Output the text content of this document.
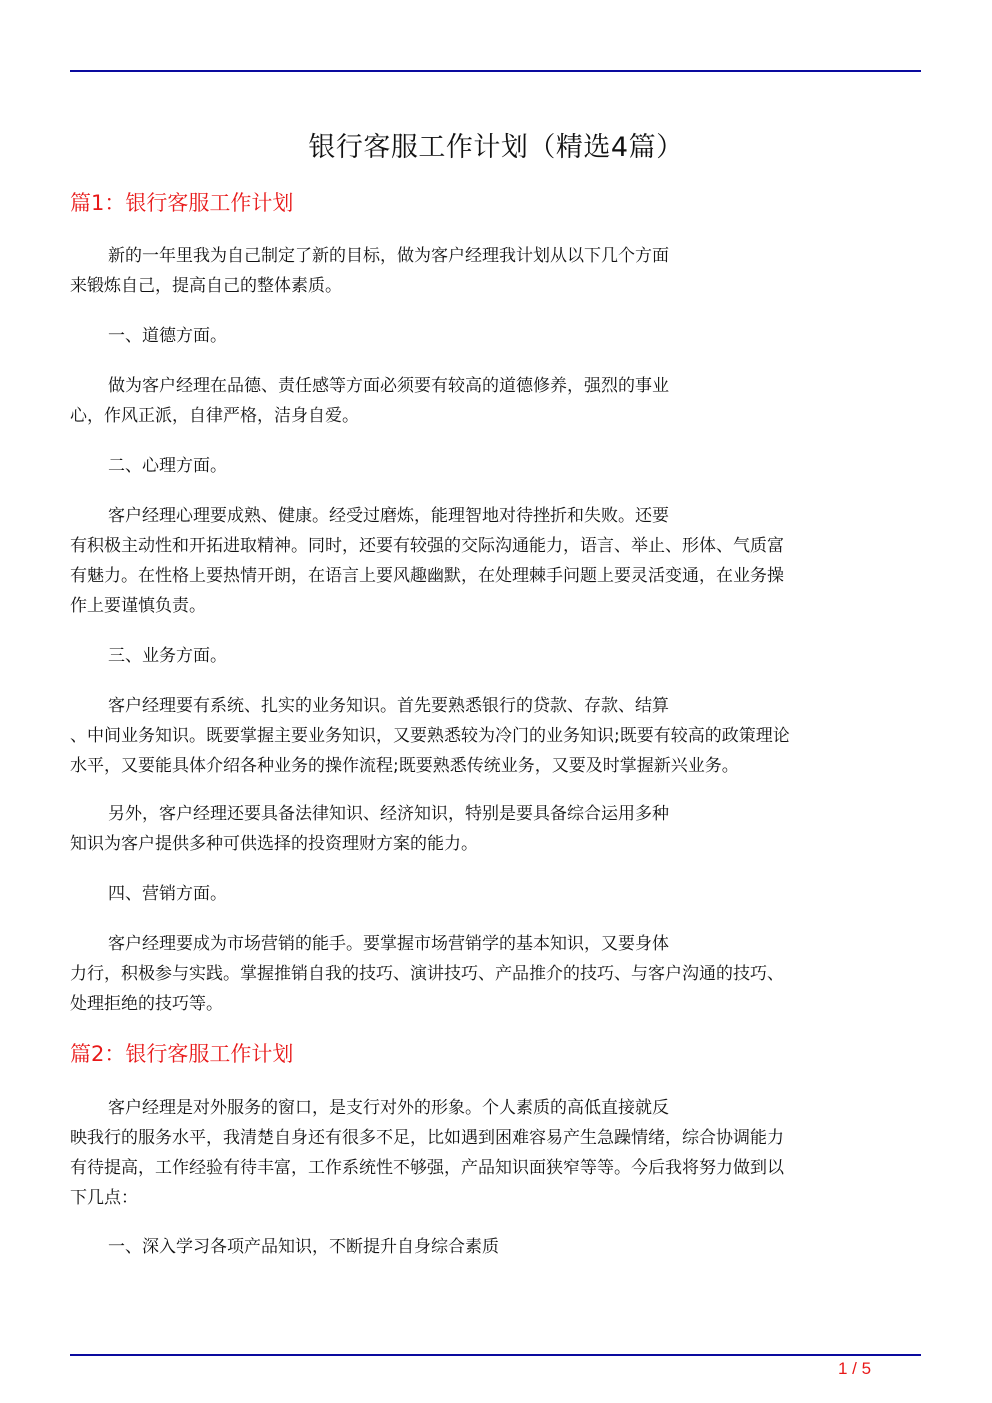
银行客服工作计划（精选4篇）
篇1：银行客服工作计划
新的一年里我为自己制定了新的目标，做为客户经理我计划从以下几个方面
来锻炼自己，提高自己的整体素质。
一、道德方面。
做为客户经理在品德、责任感等方面必须要有较高的道德修养，强烈的事业
心，作风正派，自律严格，洁身自爱。
二、心理方面。
客户经理心理要成熟、健康。经受过磨炼，能理智地对待挫折和失败。还要
有积极主动性和开拓进取精神。同时，还要有较强的交际沟通能力，语言、举止、形体、气质富
有魅力。在性格上要热情开朗，在语言上要风趣幽默，在处理棘手问题上要灵活变通，在业务操
作上要谨慎负责。
三、业务方面。
客户经理要有系统、扎实的业务知识。首先要熟悉银行的贷款、存款、结算
、中间业务知识。既要掌握主要业务知识，又要熟悉较为冷门的业务知识;既要有较高的政策理论
水平，又要能具体介绍各种业务的操作流程;既要熟悉传统业务，又要及时掌握新兴业务。
另外，客户经理还要具备法律知识、经济知识，特别是要具备综合运用多种
知识为客户提供多种可供选择的投资理财方案的能力。
四、营销方面。
客户经理要成为市场营销的能手。要掌握市场营销学的基本知识，又要身体
力行，积极参与实践。掌握推销自我的技巧、演讲技巧、产品推介的技巧、与客户沟通的技巧、
处理拒绝的技巧等。
篇2：银行客服工作计划
客户经理是对外服务的窗口，是支行对外的形象。个人素质的高低直接就反
映我行的服务水平，我清楚自身还有很多不足，比如遇到困难容易产生急躁情绪，综合协调能力
有待提高，工作经验有待丰富，工作系统性不够强，产品知识面狭窄等等。今后我将努力做到以
下几点：
一、深入学习各项产品知识，不断提升自身综合素质
1 / 5
